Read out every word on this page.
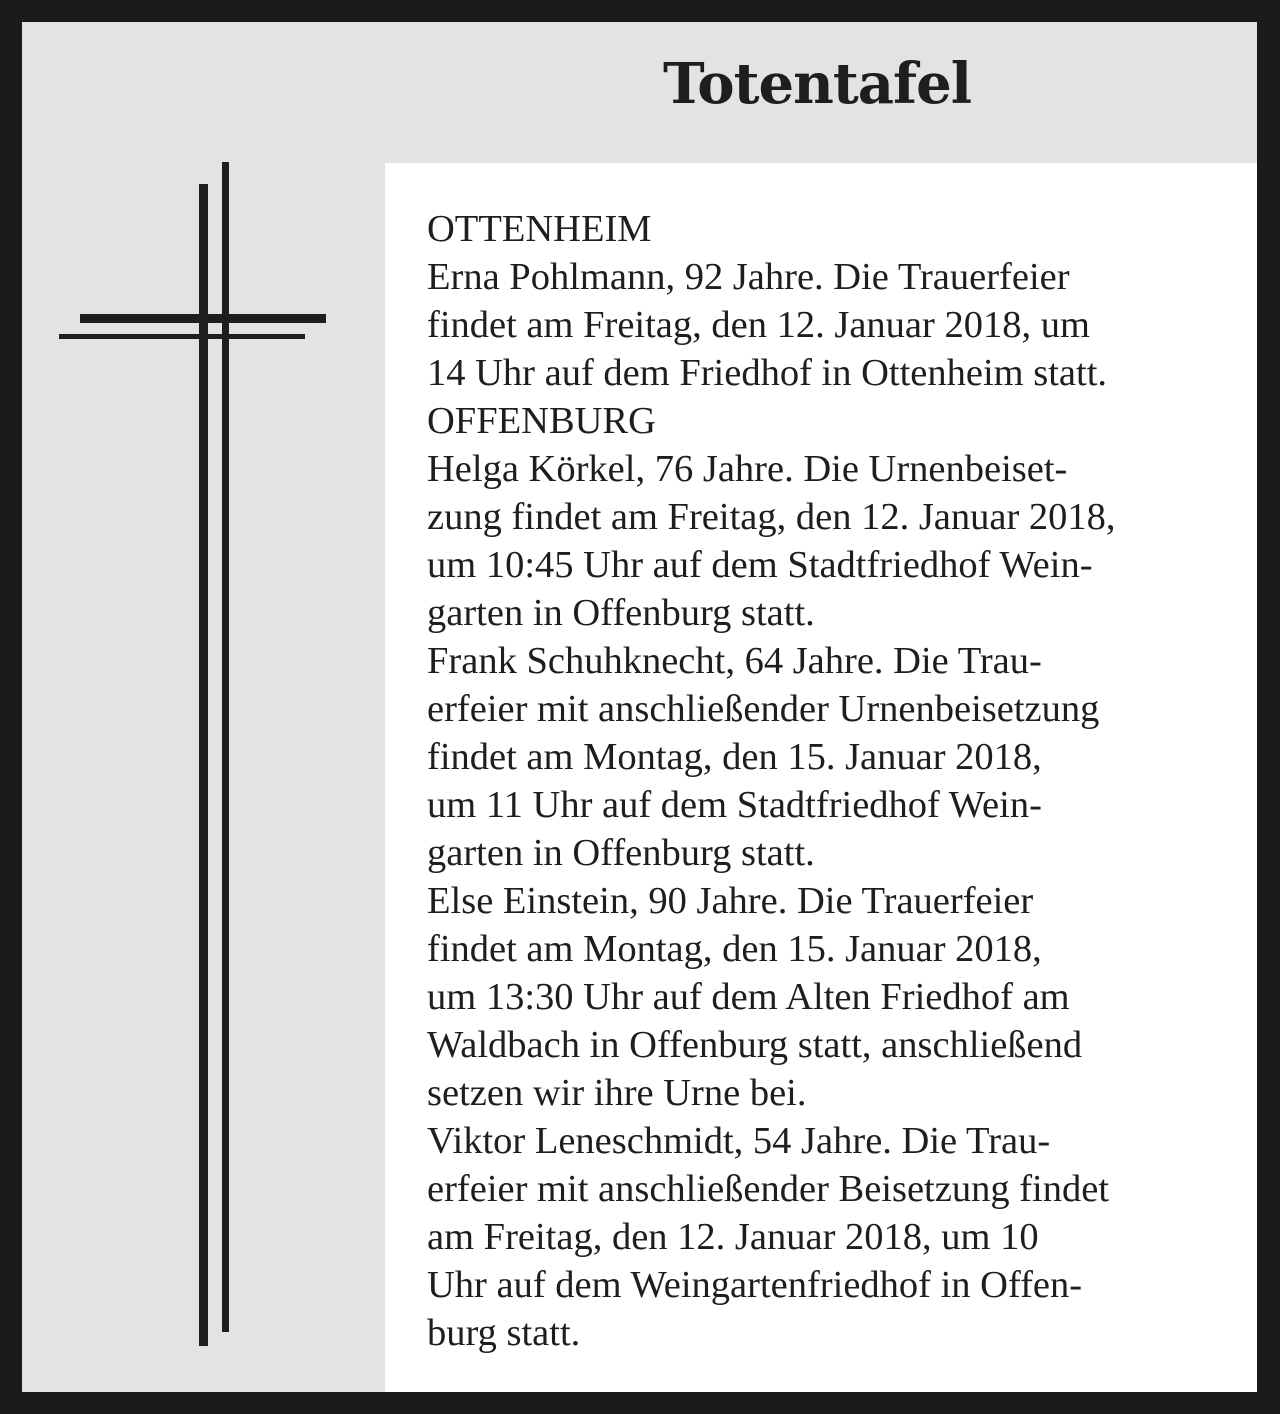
Totentafel
OTTENHEIM
Erna Pohlmann, 92 Jahre. Die Trauerfeier
findet am Freitag, den 12. Januar 2018, um
14 Uhr auf dem Friedhof in Ottenheim statt.
OFFENBURG
Helga Körkel, 76 Jahre. Die Urnenbeiset-
zung findet am Freitag, den 12. Januar 2018,
um 10:45 Uhr auf dem Stadtfriedhof Wein-
garten in Offenburg statt.
Frank Schuhknecht, 64 Jahre. Die Trau-
erfeier mit anschließender Urnenbeisetzung
findet am Montag, den 15. Januar 2018,
um 11 Uhr auf dem Stadtfriedhof Wein-
garten in Offenburg statt.
Else Einstein, 90 Jahre. Die Trauerfeier
findet am Montag, den 15. Januar 2018,
um 13:30 Uhr auf dem Alten Friedhof am
Waldbach in Offenburg statt, anschließend
setzen wir ihre Urne bei.
Viktor Leneschmidt, 54 Jahre. Die Trau-
erfeier mit anschließender Beisetzung findet
am Freitag, den 12. Januar 2018, um 10
Uhr auf dem Weingartenfriedhof in Offen-
burg statt.
